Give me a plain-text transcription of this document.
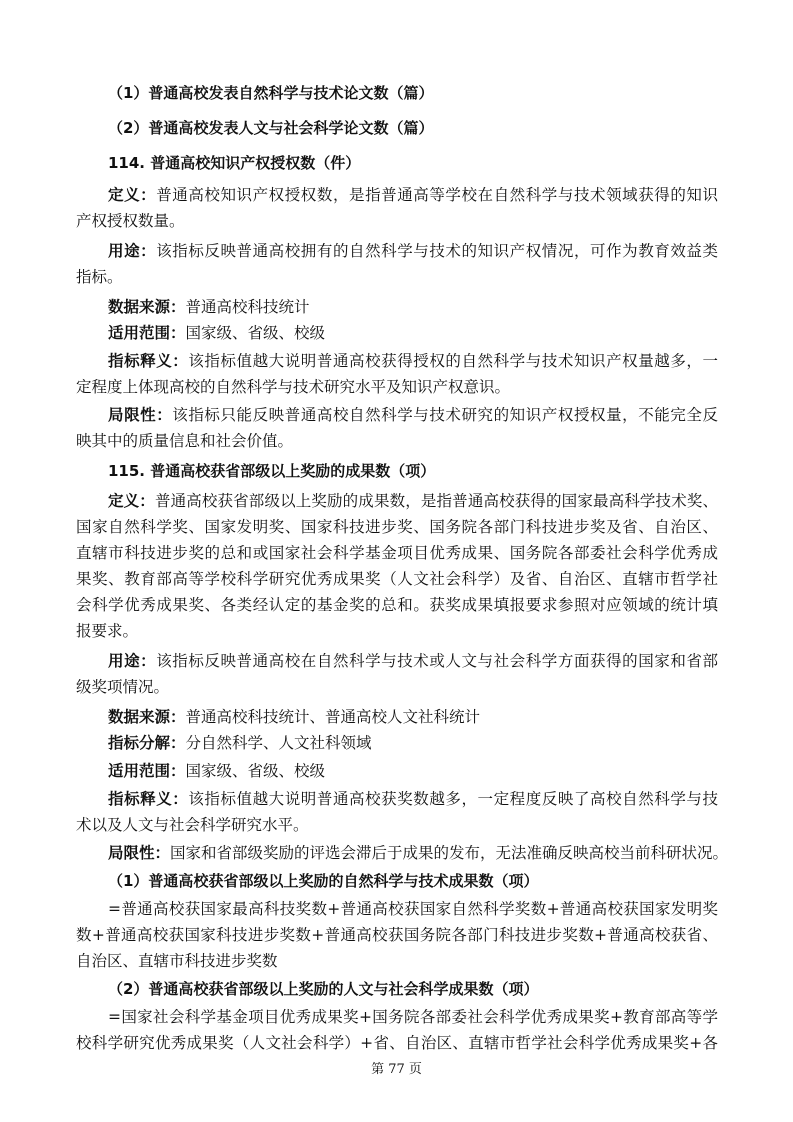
（1）普通高校发表自然科学与技术论文数（篇）
（2）普通高校发表人文与社会科学论文数（篇）
114. 普通高校知识产权授权数（件）
定义：普通高校知识产权授权数，是指普通高等学校在自然科学与技术领域获得的知识
产权授权数量。
用途：该指标反映普通高校拥有的自然科学与技术的知识产权情况，可作为教育效益类
指标。
数据来源：普通高校科技统计
适用范围：国家级、省级、校级
指标释义：该指标值越大说明普通高校获得授权的自然科学与技术知识产权量越多，一
定程度上体现高校的自然科学与技术研究水平及知识产权意识。
局限性：该指标只能反映普通高校自然科学与技术研究的知识产权授权量，不能完全反
映其中的质量信息和社会价值。
115. 普通高校获省部级以上奖励的成果数（项）
定义：普通高校获省部级以上奖励的成果数，是指普通高校获得的国家最高科学技术奖、
国家自然科学奖、国家发明奖、国家科技进步奖、国务院各部门科技进步奖及省、自治区、
直辖市科技进步奖的总和或国家社会科学基金项目优秀成果、国务院各部委社会科学优秀成
果奖、教育部高等学校科学研究优秀成果奖（人文社会科学）及省、自治区、直辖市哲学社
会科学优秀成果奖、各类经认定的基金奖的总和。获奖成果填报要求参照对应领域的统计填
报要求。
用途：该指标反映普通高校在自然科学与技术或人文与社会科学方面获得的国家和省部
级奖项情况。
数据来源：普通高校科技统计、普通高校人文社科统计
指标分解：分自然科学、人文社科领域
适用范围：国家级、省级、校级
指标释义：该指标值越大说明普通高校获奖数越多，一定程度反映了高校自然科学与技
术以及人文与社会科学研究水平。
局限性：国家和省部级奖励的评选会滞后于成果的发布，无法准确反映高校当前科研状况。
（1）普通高校获省部级以上奖励的自然科学与技术成果数（项）
=普通高校获国家最高科技奖数+普通高校获国家自然科学奖数+普通高校获国家发明奖
数+普通高校获国家科技进步奖数+普通高校获国务院各部门科技进步奖数+普通高校获省、
自治区、直辖市科技进步奖数
（2）普通高校获省部级以上奖励的人文与社会科学成果数（项）
=国家社会科学基金项目优秀成果奖+国务院各部委社会科学优秀成果奖+教育部高等学
校科学研究优秀成果奖（人文社会科学）+省、自治区、直辖市哲学社会科学优秀成果奖+各
第 77 页
